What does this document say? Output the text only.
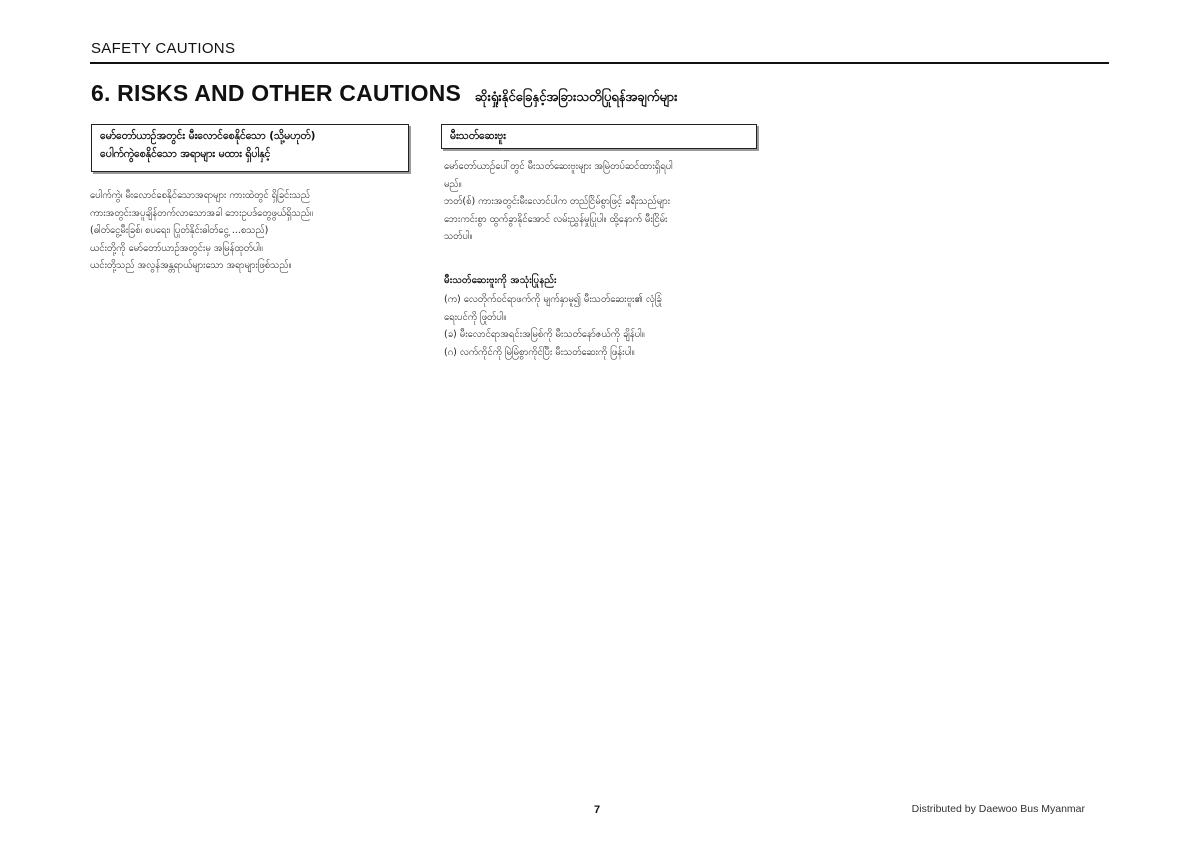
SAFETY CAUTIONS
6. RISKS AND OTHER CAUTIONS ဆိုးရှုံးနိုင်ခြေနှင့်အခြားသတိပြုရန်အချက်များ
မော်တော်ယာဥ်အတွင်း မီးလောင်စေနိုင်သော (သို့မဟုတ်)
ပေါက်ကွဲစေနိုင်သော အရာများ မထား ရှိပါနှင့်
ပေါက်ကွဲ၊ မီးလောင်စေနိုင်သောအရာများ ကားထဲတွင် ရှိခြင်းသည်
ကားအတွင်းအပူချိန်တက်လာသောအခါ ဘေးဥပဒ်တွေဖွယ်ရှိသည်။
(ဓါတ်ငွေ့မီးခြစ်၊ စပရေး၊ ပြုတ်နိုင်းဓါတ်ငွေ့ ...စသည်)
ယင်းတို့ကို မော်တော်ယာဥ်အတွင်းမှ အမြန်ထုတ်ပါ။
ယင်းတို့သည် အလွန်အန္တရာယ်များသော အရာများဖြစ်သည်။
မီးသတ်ဆေးဗူး
မော်တော်ယာဥ်ပေါ်တွင် မီးသတ်ဆေးဗူးများ အမြဲတပ်ဆင်ထားရှိရပါ
မည်။
ဘတ်(စ်) ကားအတွင်းမီးလောင်ပါက တည်ငြိမ်စွာဖြင့် ခရီးသည်များ
ဘေးကင်းစွာ ထွက်ခွာနိုင်အောင် လမ်းညွှန်မှုပြုပါ။ ထို့နောက် မီးငြိမ်း
သတ်ပါ။
မီးသတ်ဆေးဗူးကို အသုံးပြုနည်း
(က) လေတိုက်ဝင်ရာဖက်ကို မျက်နှာမူ၍ မီးသတ်ဆေးဗူး၏ လုံခြုံ
ရေးပင်ကို ဖြုတ်ပါ။
(ခ) မီးလောင်ရာအရင်းအမြစ်ကို မီးသတ်နော်ဇယ်ကို ချိန်ပါ။
(ဂ) လက်ကိုင်ကို မြဲမြံစွာကိုင်ပြီး မီးသတ်ဆေးကို ဖြန်းပါ။
7	Distributed by Daewoo Bus Myanmar
